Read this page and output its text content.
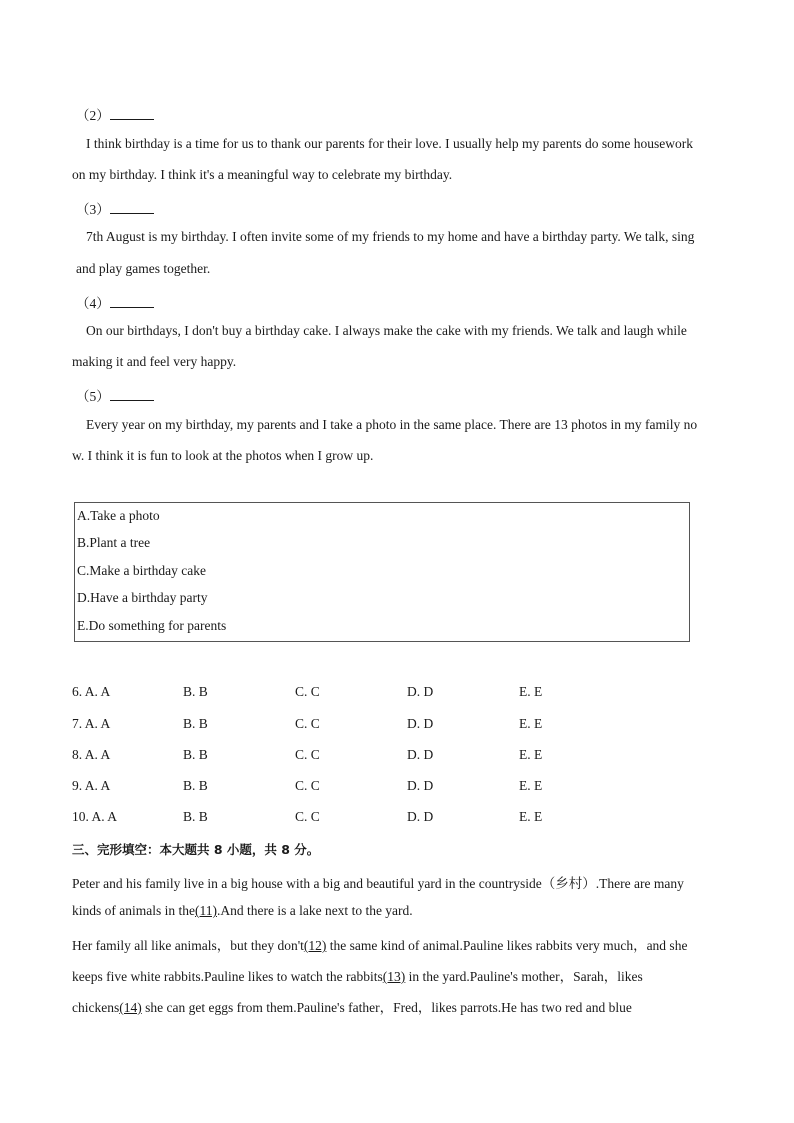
（2）
I think birthday is a time for us to thank our parents for their love. I usually help my parents do some housework
on my birthday. I think it's a meaningful way to celebrate my birthday.
（3）
7th August is my birthday. I often invite some of my friends to my home and have a birthday party. We talk, sing
and play games together.
（4）
On our birthdays, I don't buy a birthday cake. I always make the cake with my friends. We talk and laugh while
making it and feel very happy.
（5）
Every year on my birthday, my parents and I take a photo in the same place. There are 13 photos in my family no
w. I think it is fun to look at the photos when I grow up.
A.Take a photo
B.Plant a tree
C.Make a birthday cake
D.Have a birthday party
E.Do something for parents
6. A. A	B. B	C. C	D. D	E. E
7. A. A	B. B	C. C	D. D	E. E
8. A. A	B. B	C. C	D. D	E. E
9. A. A	B. B	C. C	D. D	E. E
10. A. A	B. B	C. C	D. D	E. E
三、完形填空：本大题共 8 小题，共 8 分。
Peter and his family live in a big house with a big and beautiful yard in the countryside（乡村）.There are many
kinds of animals in the(11).And there is a lake next to the yard.
Her family all like animals，but they don't(12) the same kind of animal.Pauline likes rabbits very much，and she
keeps five white rabbits.Pauline likes to watch the rabbits(13) in the yard.Pauline's mother，Sarah，likes
chickens(14) she can get eggs from them.Pauline's father，Fred，likes parrots.He has two red and blue
